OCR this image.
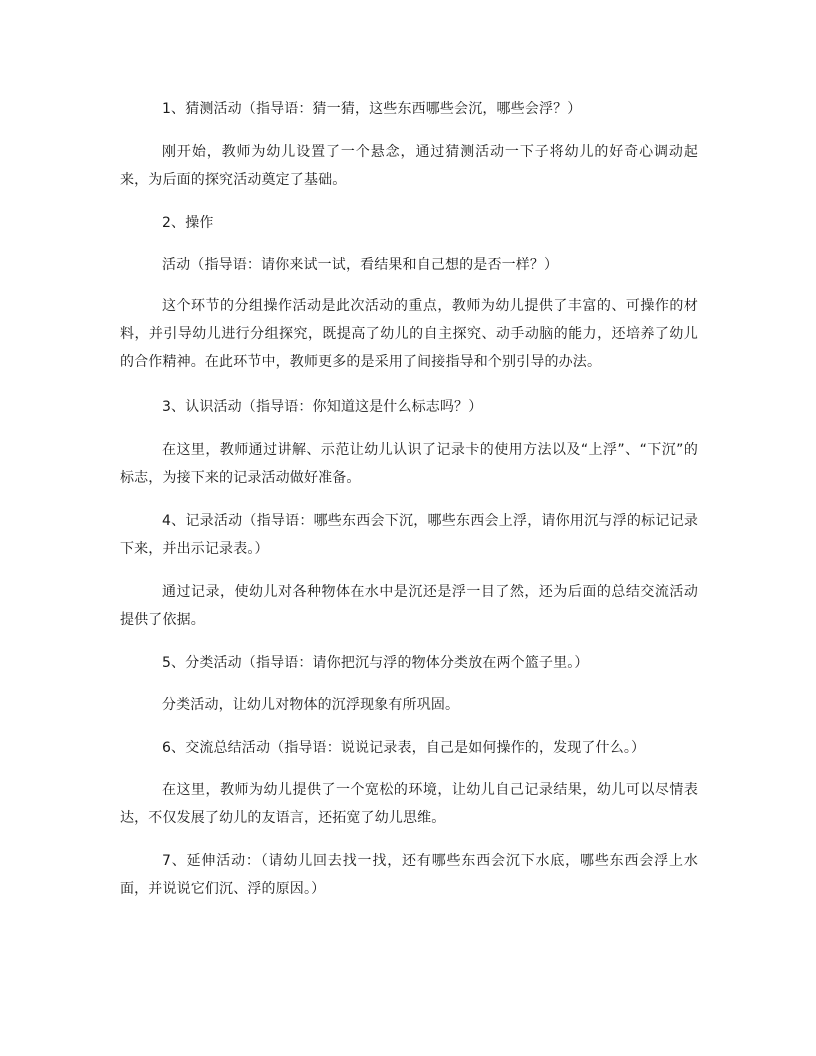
1、猜测活动（指导语：猜一猜，这些东西哪些会沉，哪些会浮？）

刚开始，教师为幼儿设置了一个悬念，通过猜测活动一下子将幼儿的好奇心调动起来，为后面的探究活动奠定了基础。

2、操作

活动（指导语：请你来试一试，看结果和自己想的是否一样？）

这个环节的分组操作活动是此次活动的重点，教师为幼儿提供了丰富的、可操作的材料，并引导幼儿进行分组探究，既提高了幼儿的自主探究、动手动脑的能力，还培养了幼儿的合作精神。在此环节中，教师更多的是采用了间接指导和个别引导的办法。

3、认识活动（指导语：你知道这是什么标志吗？）

在这里，教师通过讲解、示范让幼儿认识了记录卡的使用方法以及“上浮”、“下沉”的标志，为接下来的记录活动做好准备。

4、记录活动（指导语：哪些东西会下沉，哪些东西会上浮，请你用沉与浮的标记记录下来，并出示记录表。）

通过记录，使幼儿对各种物体在水中是沉还是浮一目了然，还为后面的总结交流活动提供了依据。

5、分类活动（指导语：请你把沉与浮的物体分类放在两个篮子里。）

分类活动，让幼儿对物体的沉浮现象有所巩固。

6、交流总结活动（指导语：说说记录表，自己是如何操作的，发现了什么。）

在这里，教师为幼儿提供了一个宽松的环境，让幼儿自己记录结果，幼儿可以尽情表达，不仅发展了幼儿的友语言，还拓宽了幼儿思维。

7、延伸活动：（请幼儿回去找一找，还有哪些东西会沉下水底，哪些东西会浮上水面，并说说它们沉、浮的原因。）
